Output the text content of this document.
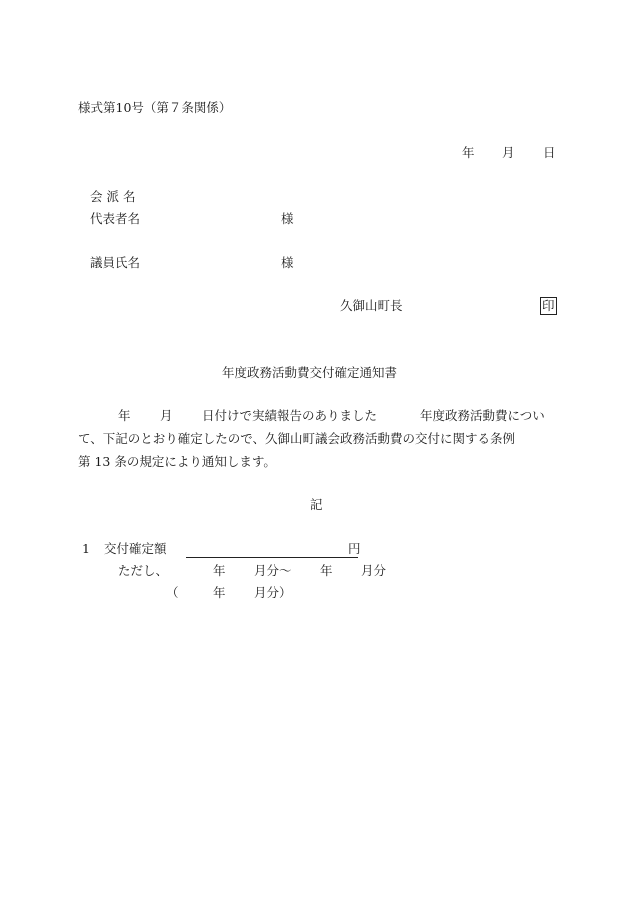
様式第10号（第７条関係）
年 月 日
会 派 名
代表者名	様
議員氏名	様
久御山町長	印
年度政務活動費交付確定通知書
年 月 日付けで実績報告のありました	年度政務活動費につい
て、下記のとおり確定したので、久御山町議会政務活動費の交付に関する条例
第 13 条の規定により通知します。
記
1 交付確定額	円
ただし、	年 月分～ 年 月分
（	年 月分）
